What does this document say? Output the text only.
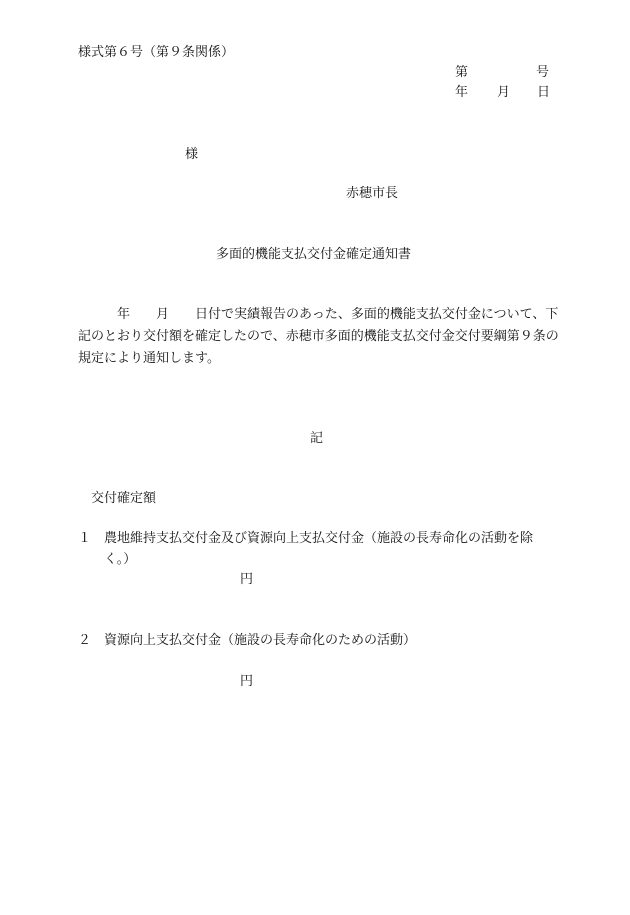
様式第６号（第９条関係）
第	号
年 月 日
様
赤穂市長
多面的機能支払交付金確定通知書
年 月 日付で実績報告のあった、多面的機能支払交付金について、下記のとおり交付額を確定したので、赤穂市多面的機能支払交付金交付要綱第９条の規定により通知します。
記
交付確定額
１ 農地維持支払交付金及び資源向上支払交付金（施設の長寿命化の活動を除
く。）
円
２ 資源向上支払交付金（施設の長寿命化のための活動）
円
